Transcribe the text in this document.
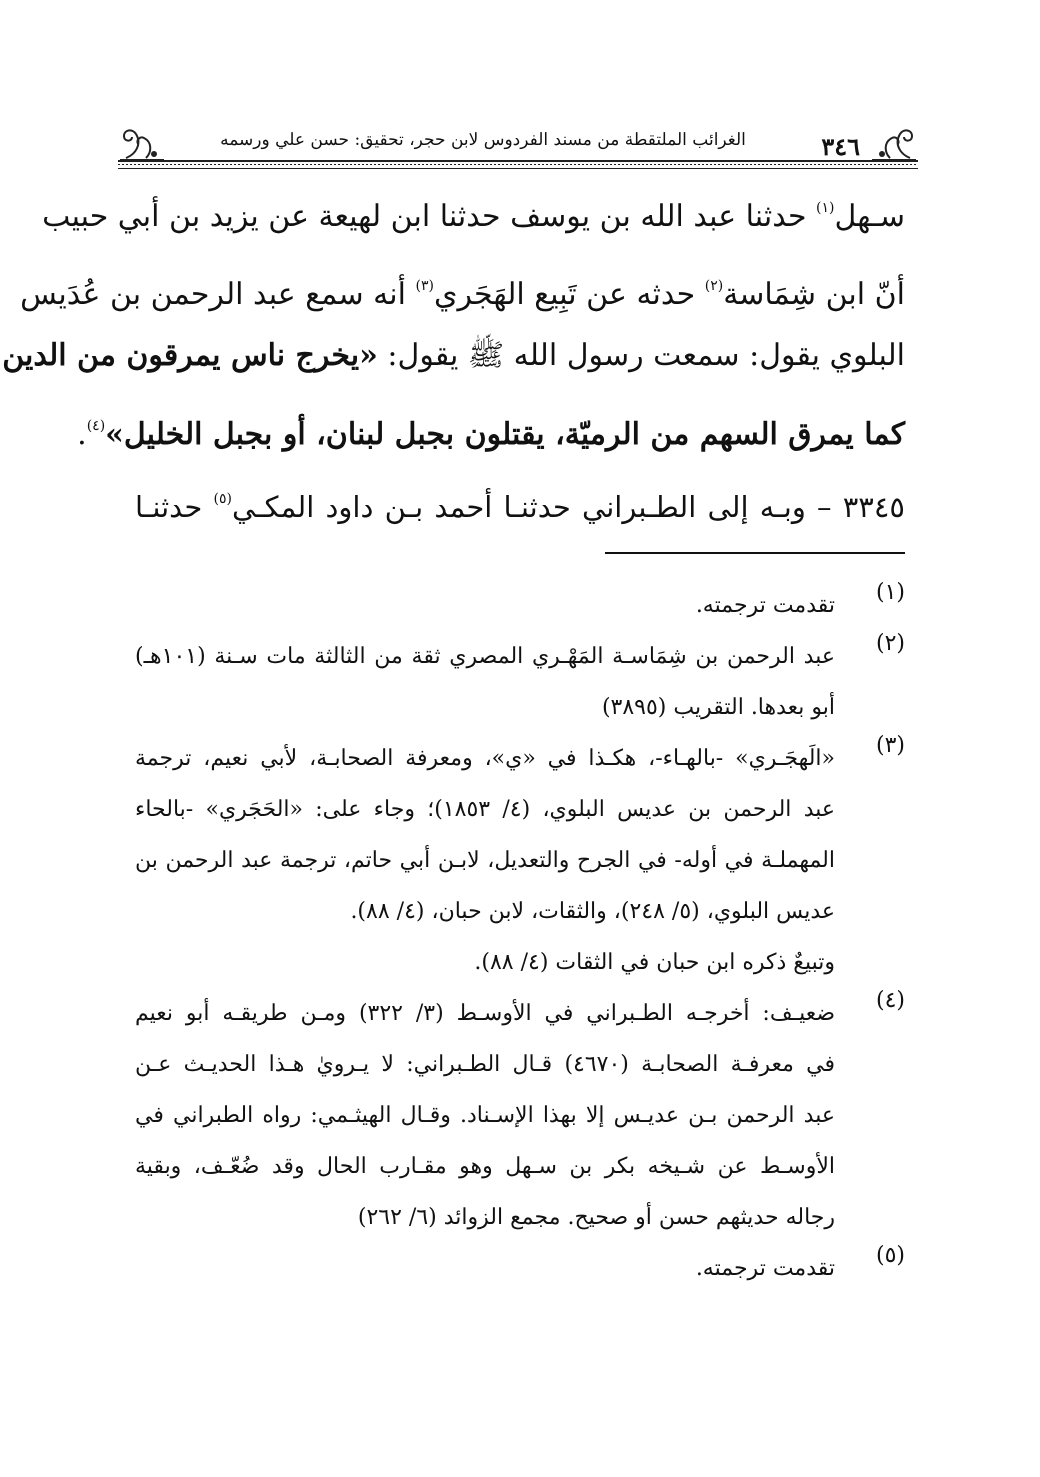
٣٤٦
الغرائب الملتقطة من مسند الفردوس لابن حجر، تحقيق: حسن علي ورسمه
سـهل$^{(١)}$ حدثنا عبد الله بن يوسف حدثنا ابن لهيعة عن يزيد بن أبي حبيب
أنّ ابن شِمَاسة$^{(٢)}$ حدثه عن تَبِيع الهَجَري$^{(٣)}$ أنه سمع عبد الرحمن بن عُدَيس
البلوي يقول: سمعت رسول الله ﷺ يقول: «يخرج ناس يمرقون من الدين
كما يمرق السهم من الرميّة، يقتلون بجبل لبنان، أو بجبل الخليل»$^{(٤)}$.
٣٣٤٥ – وبـه إلى الطـبراني حدثنـا أحمد بـن داود المكـي$^{(٥)}$ حدثنـا
(١)
تقدمت ترجمته.
(٢)
عبد الرحمن بن شِمَاسـة المَهْـري المصري ثقة من الثالثة مات سـنة (١٠١هـ)
أبو بعدها. التقريب (٣٨٩٥)
(٣)
«الَهجَـري» -بالهـاء-، هكـذا في «ي»، ومعرفة الصحابـة، لأبي نعيم، ترجمة
عبد الرحمن بن عديس البلوي، (٤/ ١٨٥٣)؛ وجاء على: «الحَجَري» -بالحاء
المهملـة في أوله- في الجرح والتعديل، لابـن أبي حاتم، ترجمة عبد الرحمن بن
عديس البلوي، (٥/ ٢٤٨)، والثقات، لابن حبان، (٤/ ٨٨).
وتبيعٌ ذكره ابن حبان في الثقات (٤/ ٨٨).
(٤)
ضعيـف: أخرجـه الطـبراني في الأوسـط (٣/ ٣٢٢) ومـن طريقـه أبو نعيم
في معرفـة الصحابـة (٤٦٧٠) قـال الطـبراني: لا يـرويٰ هـذا الحديـث عـن
عبد الرحمن بـن عديـس إلا بهذا الإسـناد. وقـال الهيثـمي: رواه الطبراني في
الأوسـط عن شـيخه بكر بن سـهل وهو مقـارب الحال وقد ضُعّـف، وبقية
رجاله حديثهم حسن أو صحيح. مجمع الزوائد (٦/ ٢٦٢)
(٥)
تقدمت ترجمته.
